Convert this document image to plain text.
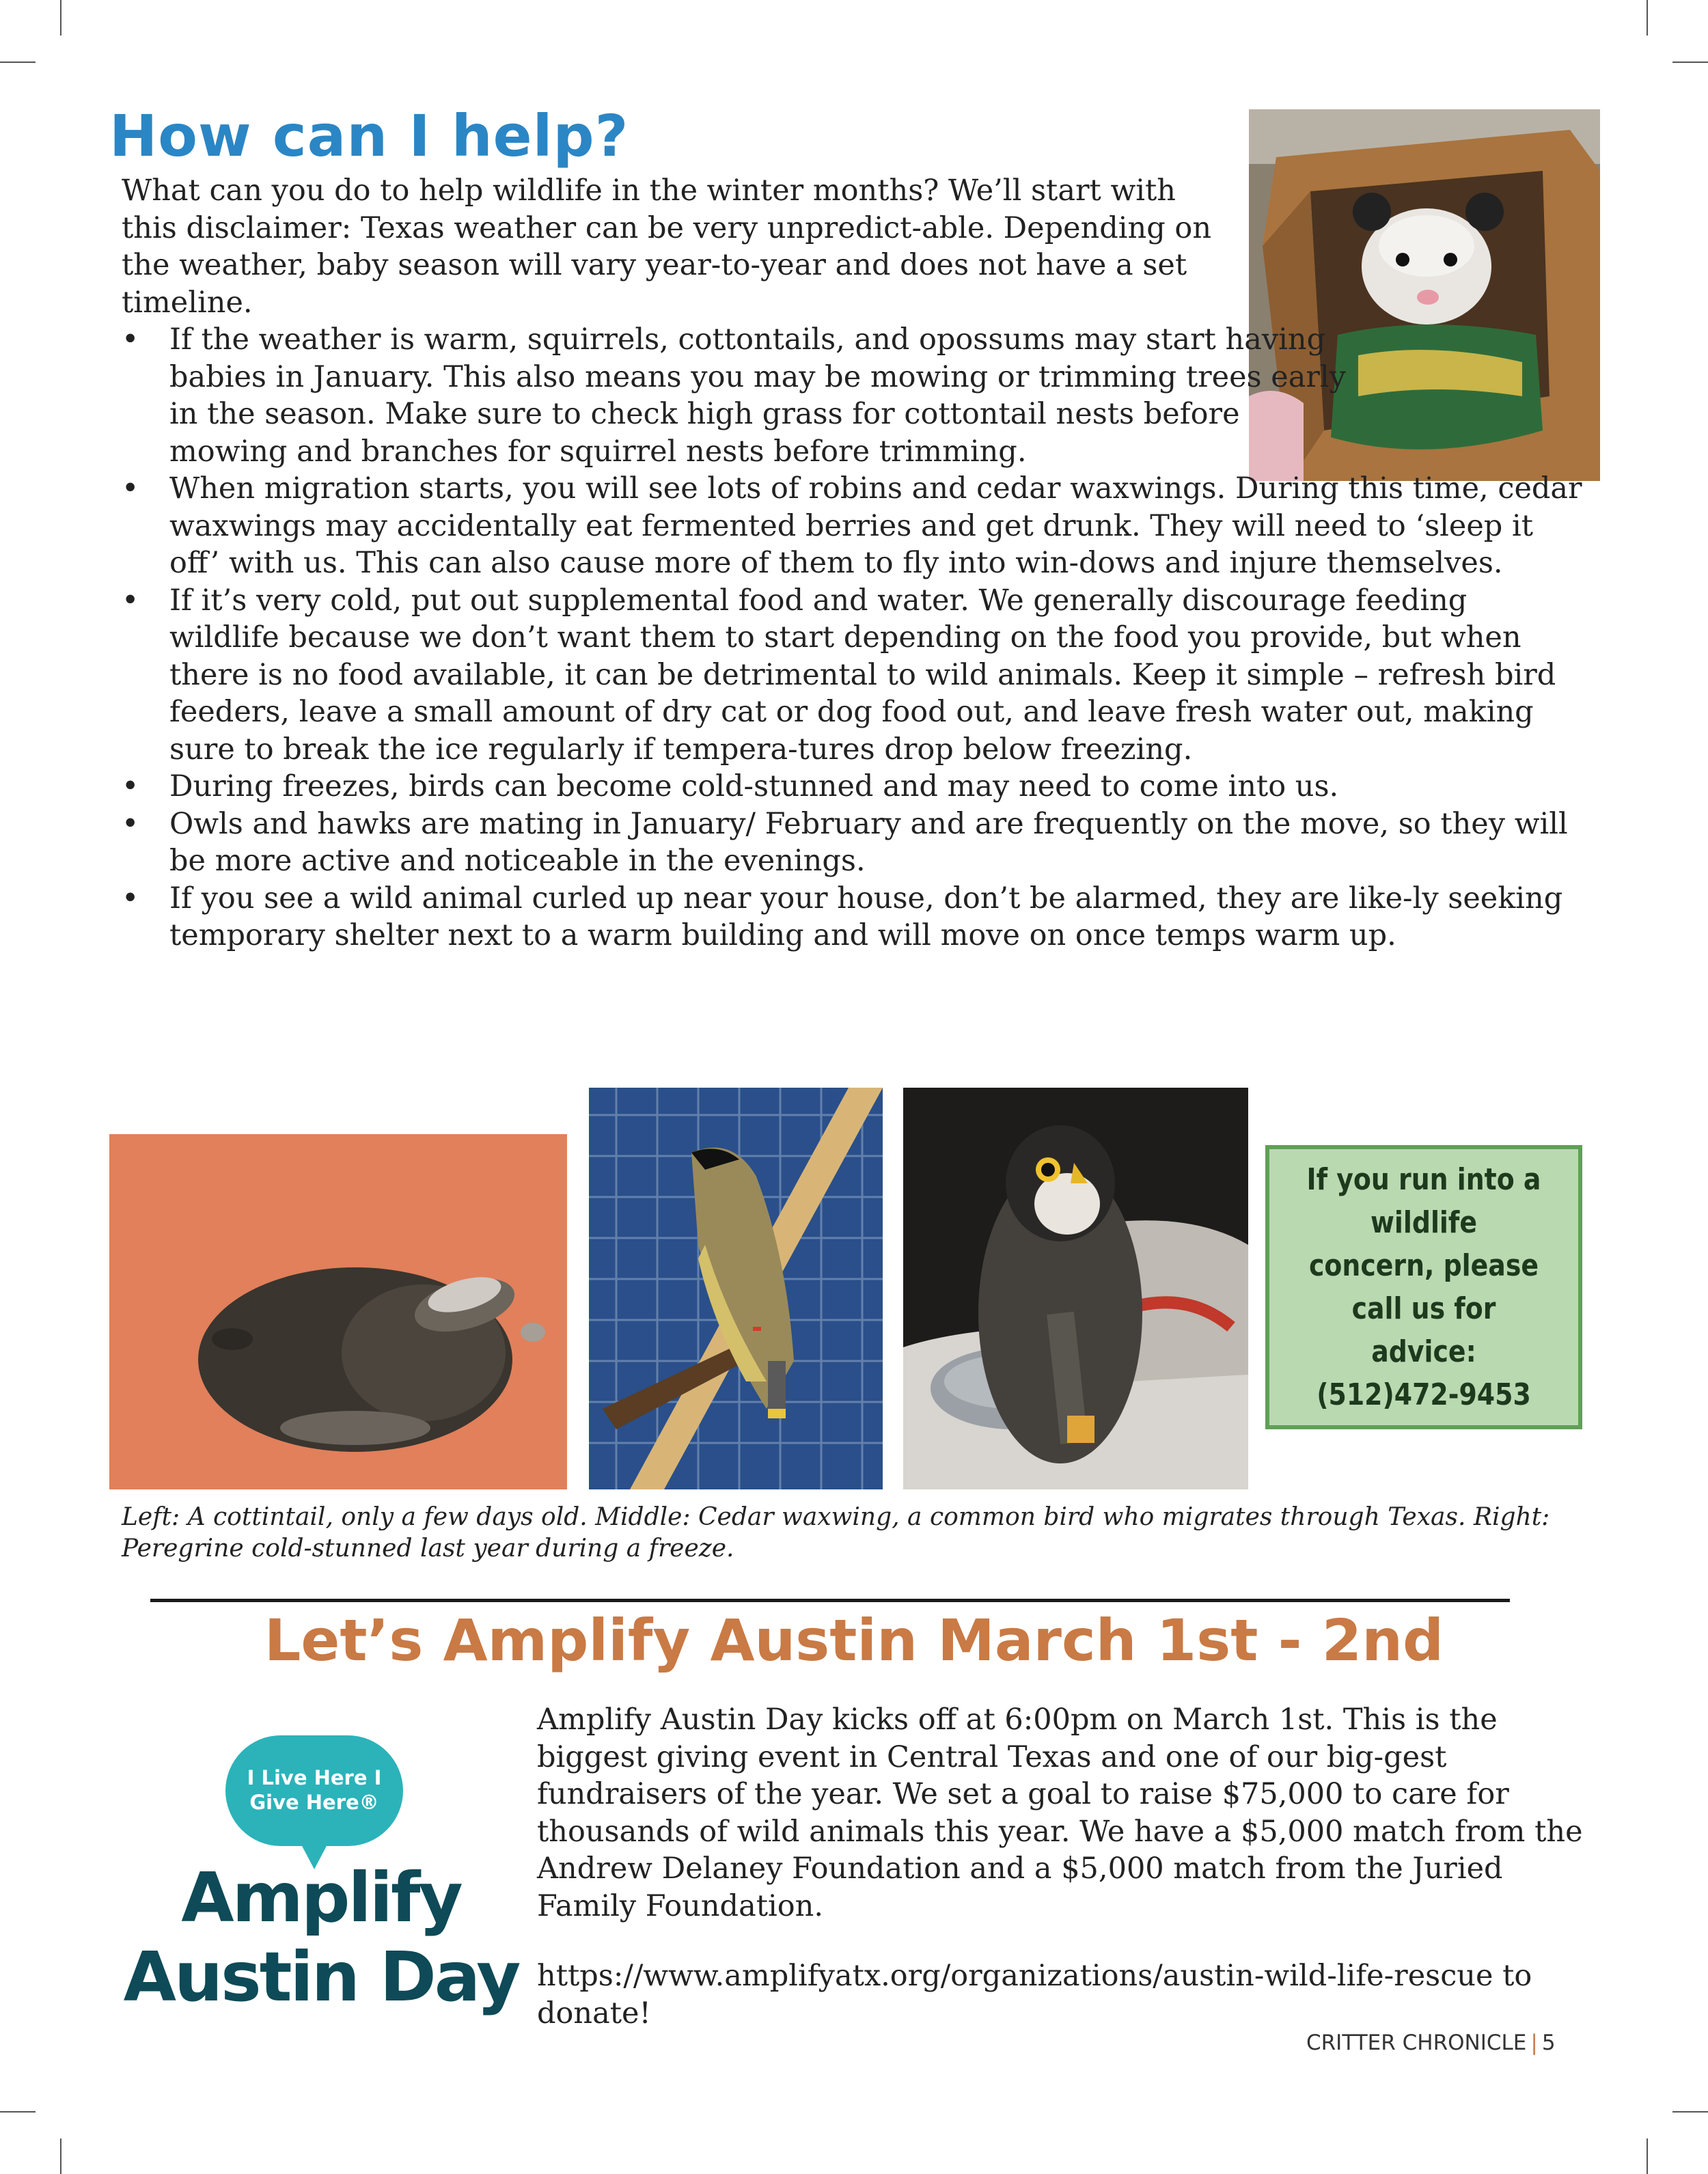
How can I help?

What can you do to help wildlife in the winter months? We’ll start with this disclaimer: Texas weather can be very unpredict-able. Depending on the weather, baby season will vary year-to-year and does not have a set timeline.

• If the weather is warm, squirrels, cottontails, and opossums may start having babies in January. This also means you may be mowing or trimming trees early in the season. Make sure to check high grass for cottontail nests before mowing and branches for squirrel nests before trimming.
• When migration starts, you will see lots of robins and cedar waxwings. During this time, cedar waxwings may accidentally eat fermented berries and get drunk. They will need to ‘sleep it off’ with us. This can also cause more of them to fly into win-dows and injure themselves.
• If it’s very cold, put out supplemental food and water. We generally discourage feeding wildlife because we don’t want them to start depending on the food you provide, but when there is no food available, it can be detrimental to wild animals. Keep it simple – refresh bird feeders, leave a small amount of dry cat or dog food out, and leave fresh water out, making sure to break the ice regularly if tempera-tures drop below freezing.
• During freezes, birds can become cold-stunned and may need to come into us.
• Owls and hawks are mating in January/ February and are frequently on the move, so they will be more active and noticeable in the evenings.
• If you see a wild animal curled up near your house, don’t be alarmed, they are like-ly seeking temporary shelter next to a warm building and will move on once temps warm up.
If you run into a wildlife concern, please call us for advice: (512)472-9453

Left: A cottintail, only a few days old. Middle: Cedar waxwing, a common bird who migrates through Texas. Right: Peregrine cold-stunned last year during a freeze.

Let’s Amplify Austin March 1st - 2nd
I Live Here I Give Here®
Amplify Austin Day

Amplify Austin Day kicks off at 6:00pm on March 1st. This is the biggest giving event in Central Texas and one of our big-gest fundraisers of the year. We set a goal to raise $75,000 to care for thousands of wild animals this year. We have a $5,000 match from the Andrew Delaney Foundation and a $5,000 match from the Juried Family Foundation.

https://www.amplifyatx.org/organizations/austin-wild-life-rescue to donate!

CRITTER CHRONICLE | 5
